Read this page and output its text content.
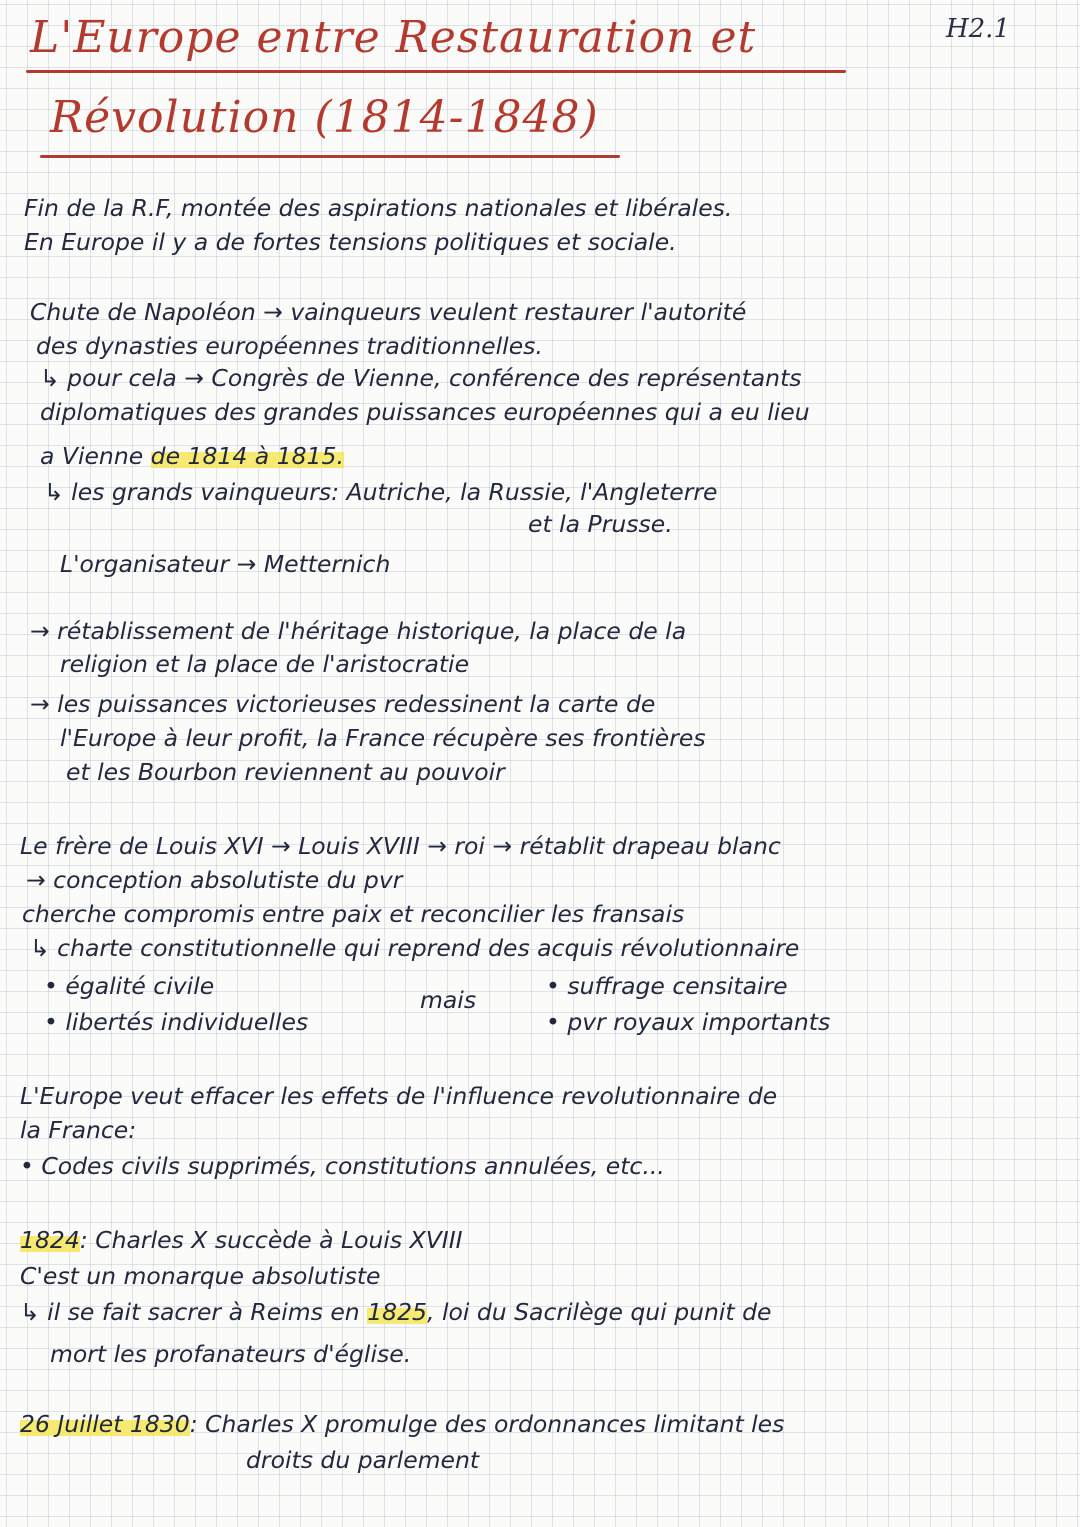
L'Europe entre Restauration et
Révolution (1814-1848)
H2.1
Fin de la R.F, montée des aspirations nationales et libérales.
En Europe il y a de fortes tensions politiques et sociale.
Chute de Napoléon → vainqueurs veulent restaurer l'autorité
des dynasties européennes traditionnelles.
↳ pour cela → Congrès de Vienne, conférence des représentants
diplomatiques des grandes puissances européennes qui a eu lieu
a Vienne de 1814 à 1815.
↳ les grands vainqueurs: Autriche, la Russie, l'Angleterre
et la Prusse.
L'organisateur → Metternich
→ rétablissement de l'héritage historique, la place de la
religion et la place de l'aristocratie
→ les puissances victorieuses redessinent la carte de
l'Europe à leur profit, la France récupère ses frontières
et les Bourbon reviennent au pouvoir
Le frère de Louis XVI → Louis XVIII → roi → rétablit drapeau blanc
→ conception absolutiste du pvr
cherche compromis entre paix et reconcilier les fransais
↳ charte constitutionnelle qui reprend des acquis révolutionnaire
• égalité civile	mais	• suffrage censitaire
• libertés individuelles	• pvr royaux importants
L'Europe veut effacer les effets de l'influence revolutionnaire de
la France:
• Codes civils supprimés, constitutions annulées, etc...
1824: Charles X succède à Louis XVIII
C'est un monarque absolutiste
↳ il se fait sacrer à Reims en 1825, loi du Sacrilège qui punit de
mort les profanateurs d'église.
26 Juillet 1830: Charles X promulge des ordonnances limitant les
droits du parlement
